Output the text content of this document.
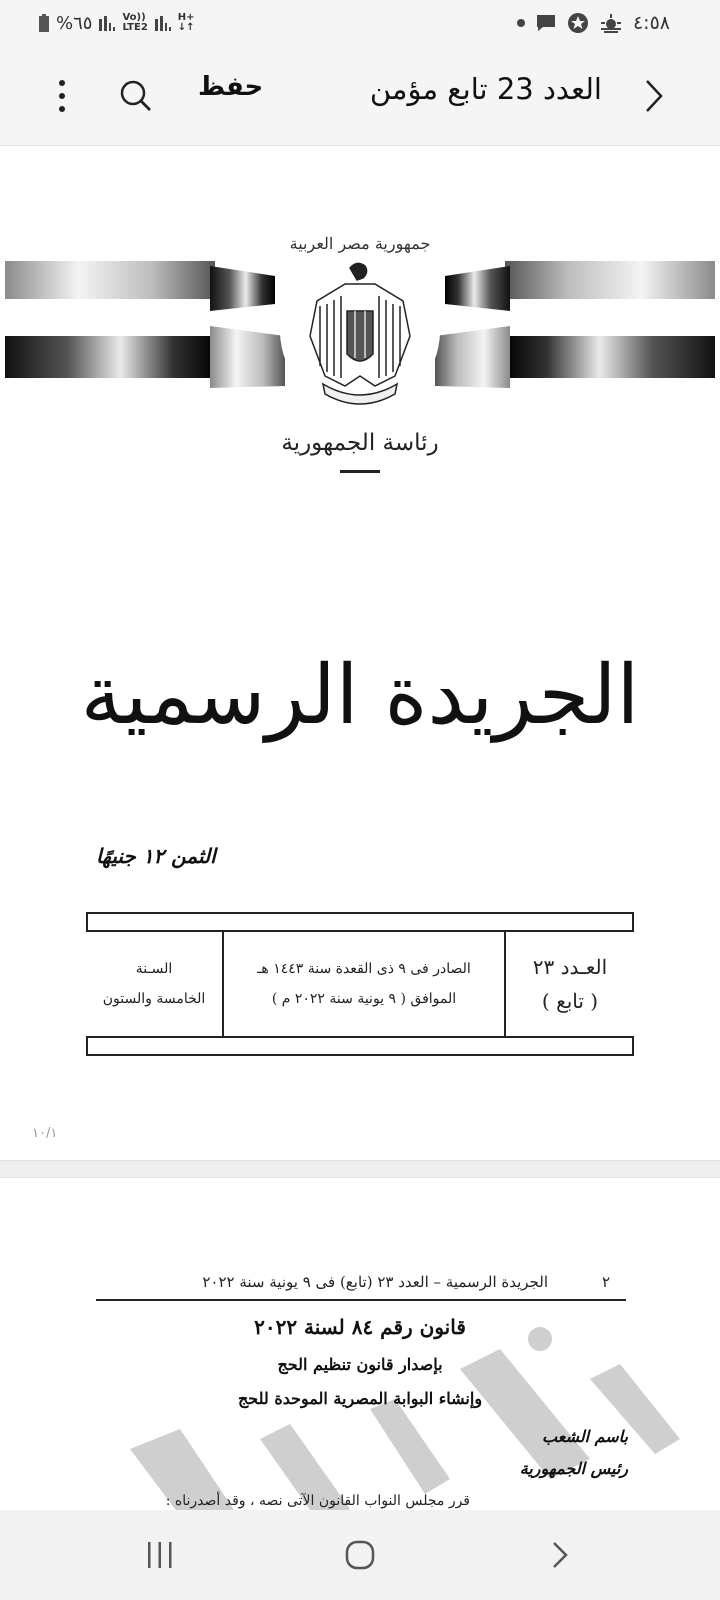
%٦٥	Vo))
LTE2
H+
↓↑	٤:٥٨
العدد 23 تابع مؤمن
حفظ
جمهورية مصر العربية
رئاسة الجمهورية
الجريدة الرسمية
الثمن ١٢ جنيهًا
العـدد ٢٣
( تابع )
الصادر فى ٩ ذى القعدة سنة ١٤٤٣ هـ
الموافق ( ٩ يونية سنة ٢٠٢٢ م )
السـنة
الخامسة والستون
١٠/١
٢
الجريدة الرسمية – العدد ٢٣ (تابع) فى ٩ يونية سنة ٢٠٢٢
قانون رقم ٨٤ لسنة ٢٠٢٢
بإصدار قانون تنظيم الحج
وإنشاء البوابة المصرية الموحدة للحج
باسم الشعب
رئيس الجمهورية
قرر مجلس النواب القانون الآتى نصه ، وقد أصدرناه :
